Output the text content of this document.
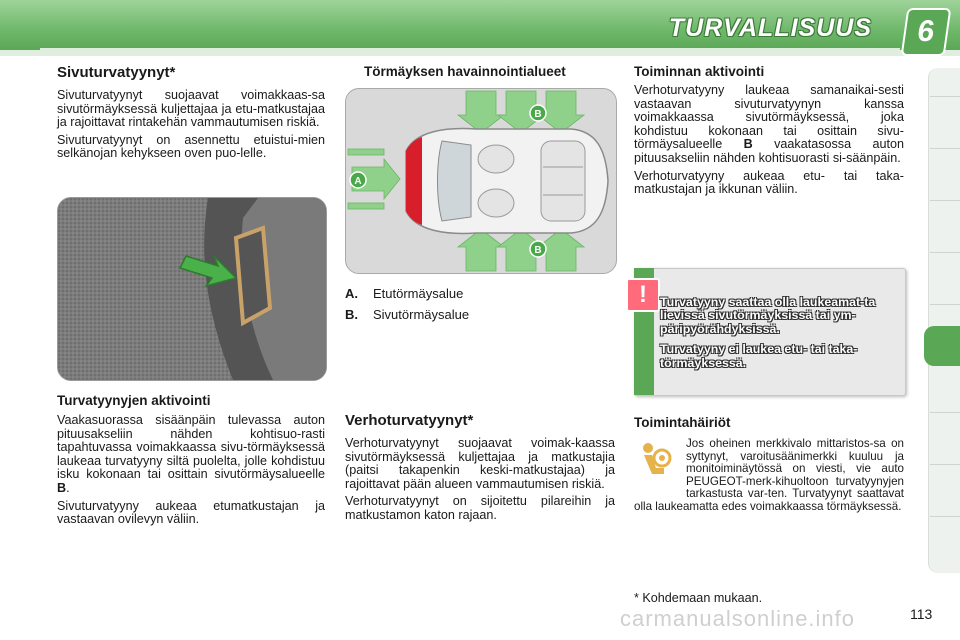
TURVALLISUUS	6
Sivuturvatyynyt*

Sivuturvatyynyt suojaavat voimakkaas-sa sivutörmäyksessä kuljettajaa ja etu-matkustajaa ja rajoittavat rintakehän vammautumisen riskiä.

Sivuturvatyynyt on asennettu etuistui-mien selkänojan kehykseen oven puo-lelle.

Turvatyynyjen aktivointi

Vaakasuorassa sisäänpäin tulevassa auton pituusakseliin nähden kohtisuo-rasti tapahtuvassa voimakkaassa sivu-törmäyksessä laukeaa turvatyyny siltä puolelta, jolle kohdistuu isku kokonaan tai osittain sivutörmäysalueelle B.

Sivuturvatyyny aukeaa etumatkustajan ja vastaavan ovilevyn väliin.

Törmäyksen havainnointialueet
A
B
B
A. Etutörmäysalue
B. Sivutörmäysalue
Verhoturvatyynyt*

Verhoturvatyynyt suojaavat voimak-kaassa sivutörmäyksessä kuljettajaa ja matkustajia (paitsi takapenkin keski-matkustajaa) ja rajoittavat pään alueen vammautumisen riskiä.

Verhoturvatyynyt on sijoitettu pilareihin ja matkustamon katon rajaan.

Toiminnan aktivointi

Verhoturvatyyny laukeaa samanaikai-sesti vastaavan sivuturvatyynyn kanssa voimakkaassa sivutörmäyksessä, joka kohdistuu kokonaan tai osittain sivu-törmäysalueelle B vaakatasossa auton pituusakseliin nähden kohtisuorasti si-säänpäin.

Verhoturvatyyny aukeaa etu- tai taka-matkustajan ja ikkunan väliin.

!	Turvatyyny saattaa olla laukeamat-ta lievissä sivutörmäyksissä tai ym-päripyörähdyksissä.

Turvatyyny ei laukea etu- tai taka-törmäyksessä.

Toimintahäiriöt
Jos oheinen merkkivalo mittaristos-sa on syttynyt, varoitusäänimerkki kuuluu ja monitoiminäytössä on viesti, vie auto PEUGEOT-merk-kihuoltoon turvatyynyjen tarkastusta var-ten. Turvatyynyt saattavat olla laukeamatta edes voimakkaassa törmäyksessä.
* Kohdemaan mukaan.
113
carmanualsonline.info
